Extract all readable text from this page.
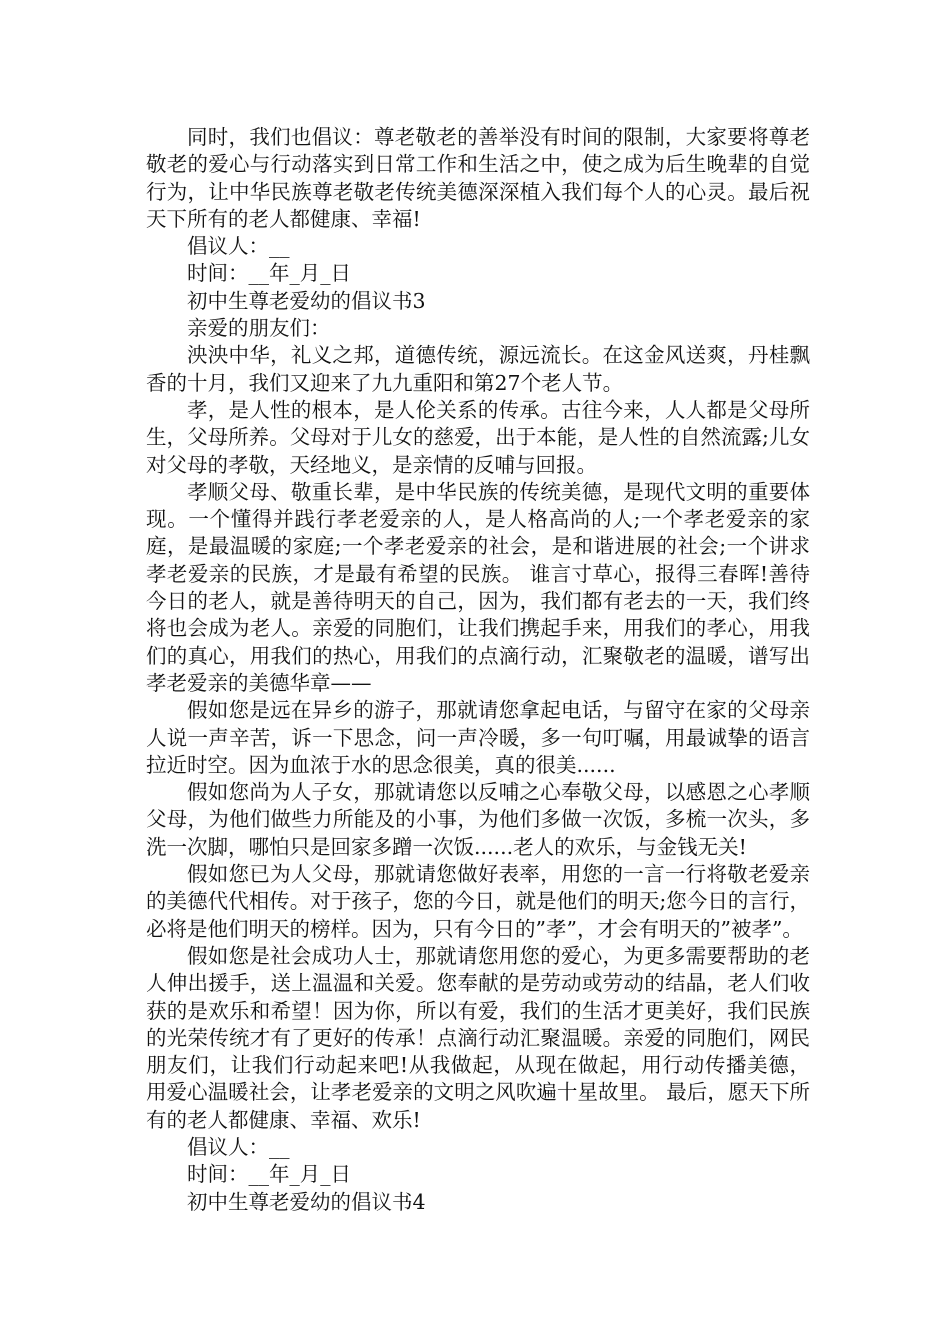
同时，我们也倡议：尊老敬老的善举没有时间的限制，大家要将尊老敬老的爱心与行动落实到日常工作和生活之中，使之成为后生晚辈的自觉行为，让中华民族尊老敬老传统美德深深植入我们每个人的心灵。最后祝天下所有的老人都健康、幸福!

倡议人：__

时间：__年_月_日

初中生尊老爱幼的倡议书3

亲爱的朋友们：

泱泱中华，礼义之邦，道德传统，源远流长。在这金风送爽，丹桂飘香的十月，我们又迎来了九九重阳和第27个老人节。

孝，是人性的根本，是人伦关系的传承。古往今来，人人都是父母所生，父母所养。父母对于儿女的慈爱，出于本能，是人性的自然流露;儿女对父母的孝敬，天经地义，是亲情的反哺与回报。

孝顺父母、敬重长辈，是中华民族的传统美德，是现代文明的重要体现。一个懂得并践行孝老爱亲的人，是人格高尚的人;一个孝老爱亲的家庭，是最温暖的家庭;一个孝老爱亲的社会，是和谐进展的社会;一个讲求孝老爱亲的民族，才是最有希望的民族。 谁言寸草心，报得三春晖!善待今日的老人，就是善待明天的自己，因为，我们都有老去的一天，我们终将也会成为老人。亲爱的同胞们，让我们携起手来，用我们的孝心，用我们的真心，用我们的热心，用我们的点滴行动，汇聚敬老的温暖，谱写出孝老爱亲的美德华章——

假如您是远在异乡的游子，那就请您拿起电话，与留守在家的父母亲人说一声辛苦，诉一下思念，问一声冷暖，多一句叮嘱，用最诚挚的语言拉近时空。因为血浓于水的思念很美，真的很美......

假如您尚为人子女，那就请您以反哺之心奉敬父母，以感恩之心孝顺父母，为他们做些力所能及的小事，为他们多做一次饭，多梳一次头，多洗一次脚，哪怕只是回家多蹭一次饭......老人的欢乐，与金钱无关!

假如您已为人父母，那就请您做好表率，用您的一言一行将敬老爱亲的美德代代相传。对于孩子，您的今日，就是他们的明天;您今日的言行，必将是他们明天的榜样。因为，只有今日的”孝”，才会有明天的”被孝”。

假如您是社会成功人士，那就请您用您的爱心，为更多需要帮助的老人伸出援手，送上温温和关爱。您奉献的是劳动或劳动的结晶，老人们收获的是欢乐和希望！因为你，所以有爱，我们的生活才更美好，我们民族的光荣传统才有了更好的传承！点滴行动汇聚温暖。亲爱的同胞们，网民朋友们，让我们行动起来吧!从我做起，从现在做起，用行动传播美德，用爱心温暖社会，让孝老爱亲的文明之风吹遍十星故里。 最后，愿天下所有的老人都健康、幸福、欢乐!

倡议人：__

时间：__年_月_日

初中生尊老爱幼的倡议书4
